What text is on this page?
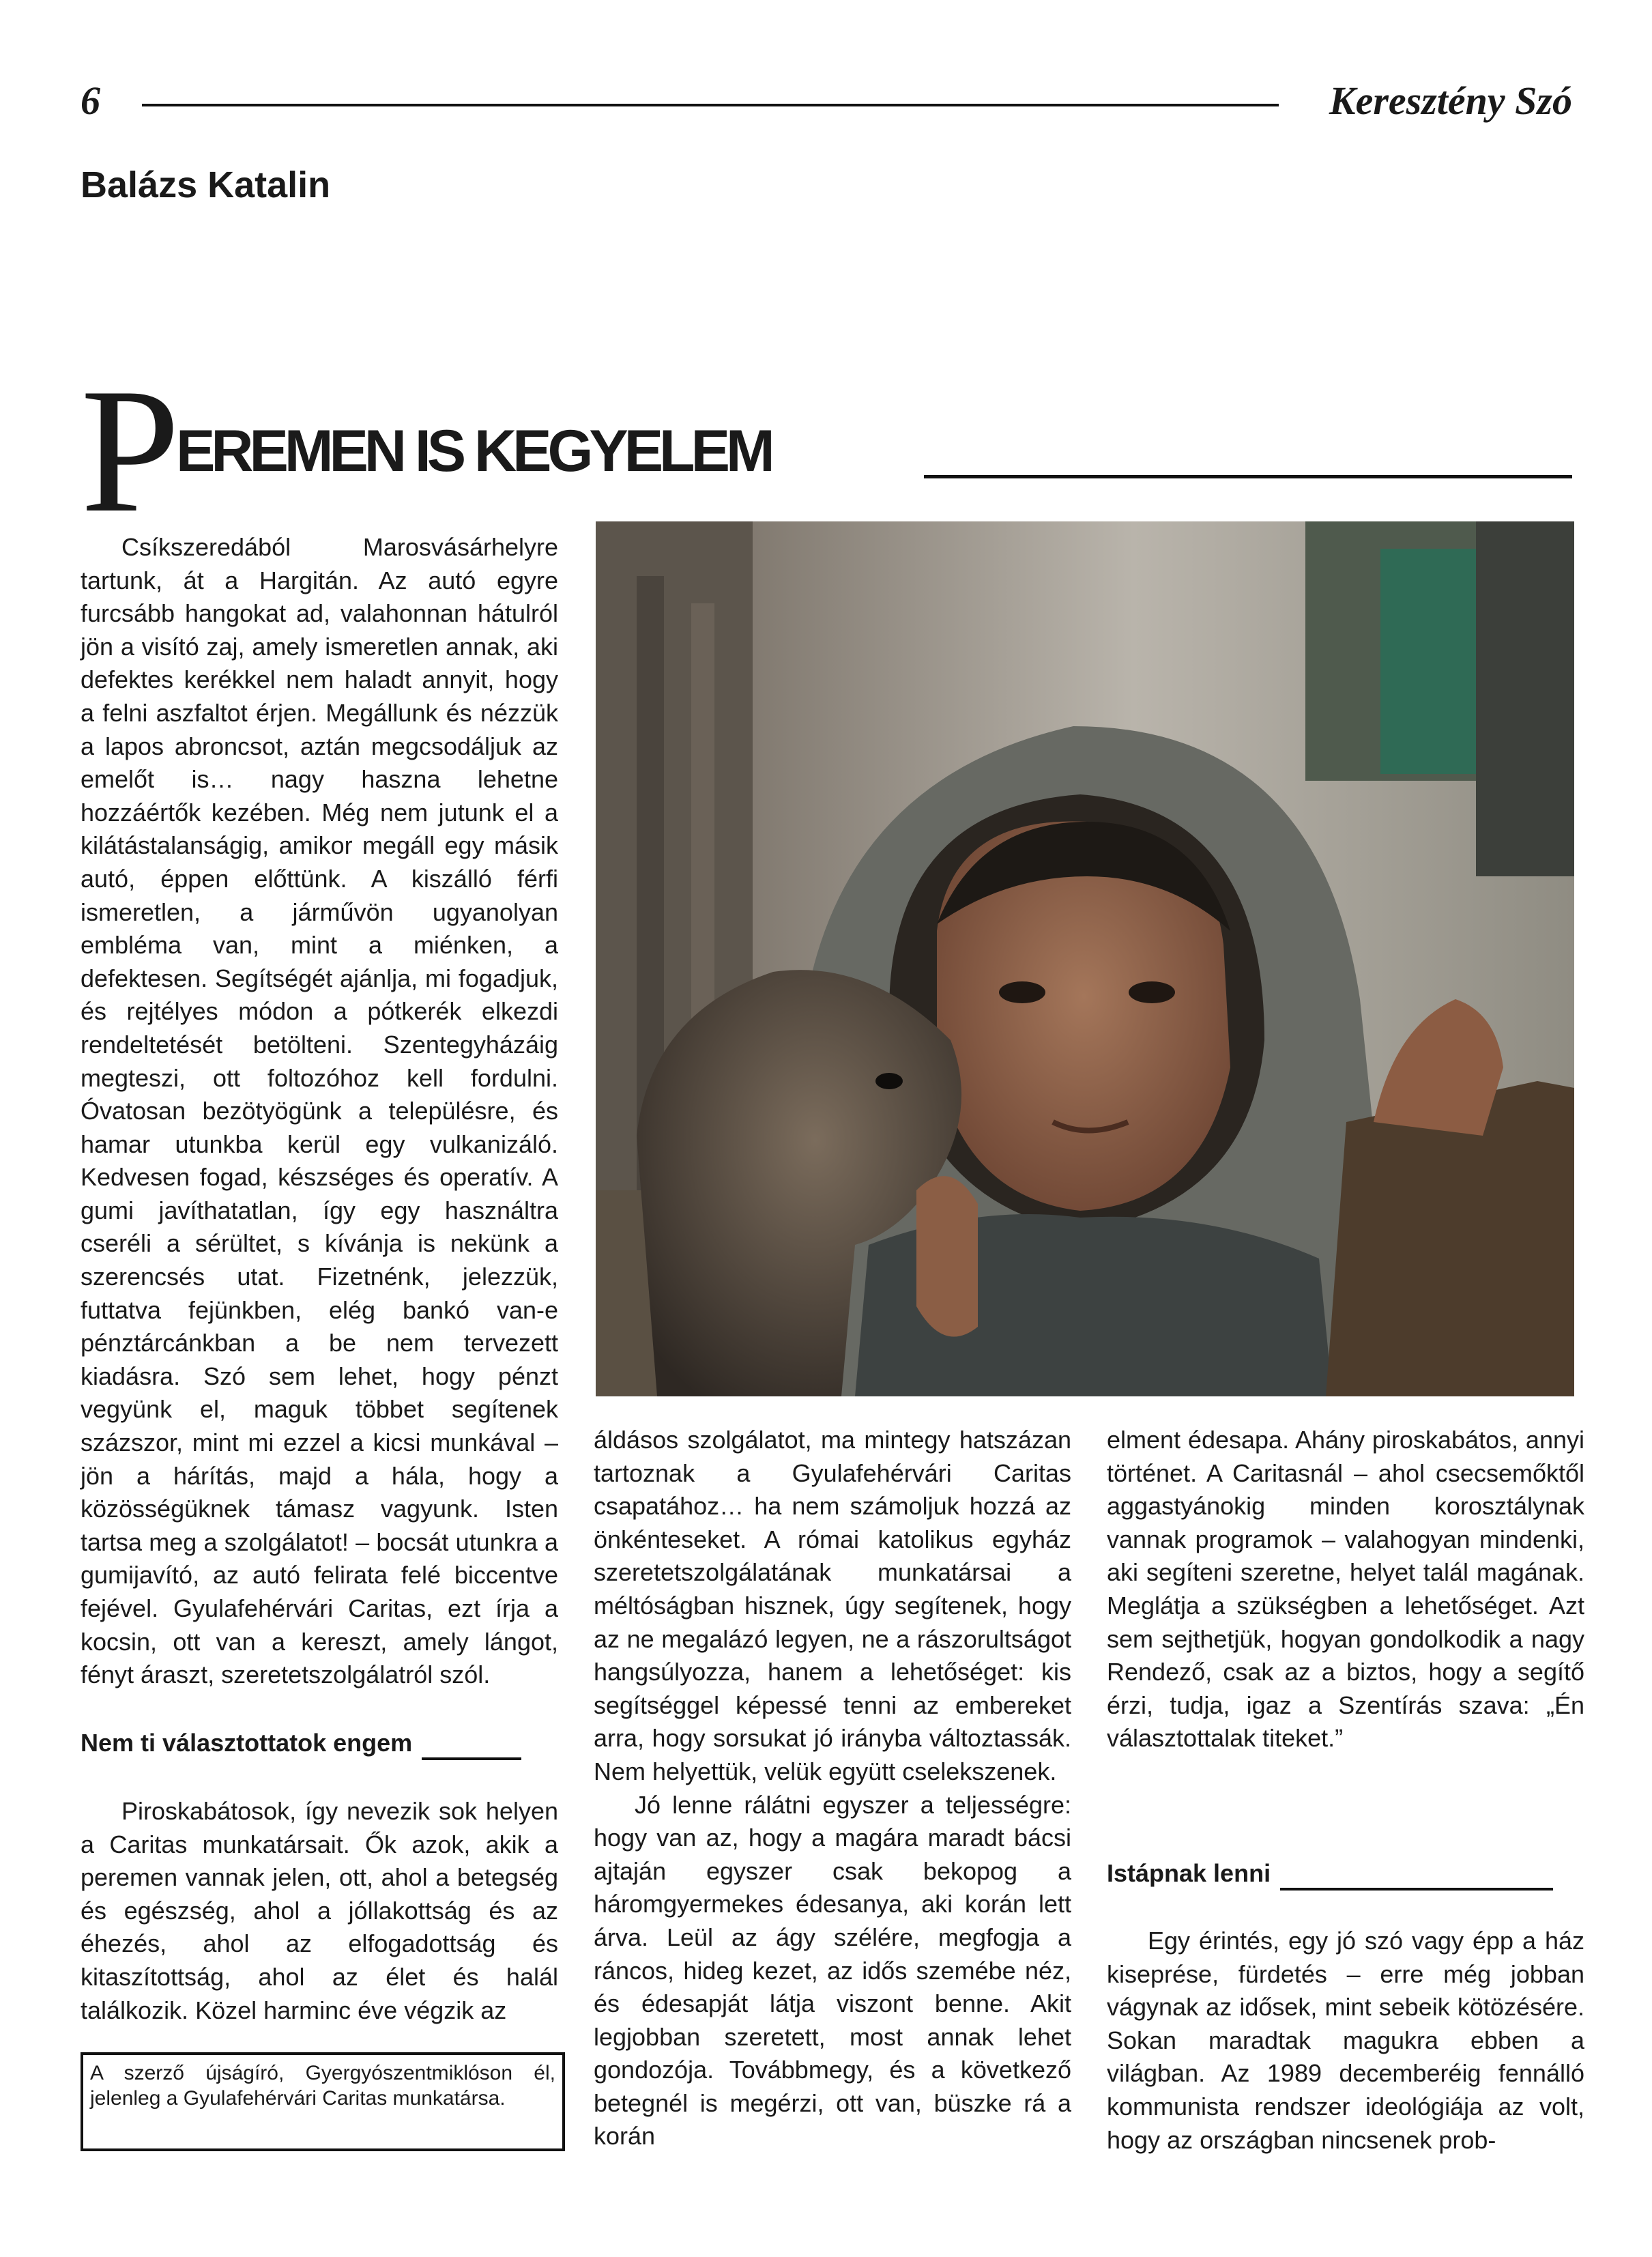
6	Keresztény Szó
Balázs Katalin
P
EREMEN IS KEGYELEM

Csíkszeredából Marosvásárhelyre tartunk, át a Hargitán. Az autó egyre furcsább hangokat ad, valahonnan hátulról jön a visító zaj, amely ismeretlen annak, aki defektes kerékkel nem haladt annyit, hogy a felni aszfaltot érjen. Megállunk és nézzük a lapos abroncsot, aztán megcsodáljuk az emelőt is… nagy haszna lehetne hozzáértők kezében. Még nem jutunk el a kilátástalanságig, amikor megáll egy másik autó, éppen előttünk. A kiszálló férfi ismeretlen, a járművön ugyanolyan embléma van, mint a miénken, a defektesen. Segítségét ajánlja, mi fogadjuk, és rejtélyes módon a pótkerék elkezdi rendeltetését betölteni. Szentegyházáig megteszi, ott foltozóhoz kell fordulni. Óvatosan bezötyögünk a településre, és hamar utunkba kerül egy vulkanizáló. Kedvesen fogad, készséges és operatív. A gumi javíthatatlan, így egy használtra cseréli a sérültet, s kívánja is nekünk a szerencsés utat. Fizetnénk, jelezzük, futtatva fejünkben, elég bankó van-e pénztárcánkban a be nem tervezett kiadásra. Szó sem lehet, hogy pénzt vegyünk el, maguk többet segítenek százszor, mint mi ezzel a kicsi munkával – jön a hárítás, majd a hála, hogy a közösségüknek támasz vagyunk. Isten tartsa meg a szolgálatot! – bocsát utunkra a gumijavító, az autó felirata felé biccentve fejével. Gyulafehérvári Caritas, ezt írja a kocsin, ott van a kereszt, amely lángot, fényt áraszt, szeretetszolgálatról szól.

Nem ti választottatok engem

Piroskabátosok, így nevezik sok helyen a Caritas munkatársait. Ők azok, akik a peremen vannak jelen, ott, ahol a betegség és egészség, ahol a jóllakottság és az éhezés, ahol az elfogadottság és kitaszítottság, ahol az élet és halál találkozik. Közel harminc éve végzik az

A szerző újságíró, Gyergyószentmiklóson él, jelenleg a Gyulafehérvári Caritas munkatársa.

áldásos szolgálatot, ma mintegy hatszázan tartoznak a Gyulafehérvári Caritas csapatához… ha nem számoljuk hozzá az önkénteseket. A római katolikus egyház szeretetszolgálatának munkatársai a méltóságban hisznek, úgy segítenek, hogy az ne megalázó legyen, ne a rászorultságot hangsúlyozza, hanem a lehetőséget: kis segítséggel képessé tenni az embereket arra, hogy sorsukat jó irányba változtassák. Nem helyettük, velük együtt cselekszenek.

Jó lenne rálátni egyszer a teljességre: hogy van az, hogy a magára maradt bácsi ajtaján egyszer csak bekopog a háromgyermekes édesanya, aki korán lett árva. Leül az ágy szélére, megfogja a ráncos, hideg kezet, az idős szemébe néz, és édesapját látja viszont benne. Akit legjobban szeretett, most annak lehet gondozója. Továbbmegy, és a következő betegnél is megérzi, ott van, büszke rá a korán

elment édesapa. Ahány piroskabátos, annyi történet. A Caritasnál – ahol csecsemőktől aggastyánokig minden korosztálynak vannak programok – valahogyan mindenki, aki segíteni szeretne, helyet talál magának. Meglátja a szükségben a lehetőséget. Azt sem sejthetjük, hogyan gondolkodik a nagy Rendező, csak az a biztos, hogy a segítő érzi, tudja, igaz a Szentírás szava: „Én választottalak titeket.”

Istápnak lenni

Egy érintés, egy jó szó vagy épp a ház kiseprése, fürdetés – erre még jobban vágynak az idősek, mint sebeik kötözésére. Sokan maradtak magukra ebben a világban. Az 1989 decemberéig fennálló kommunista rendszer ideológiája az volt, hogy az országban nincsenek prob-
